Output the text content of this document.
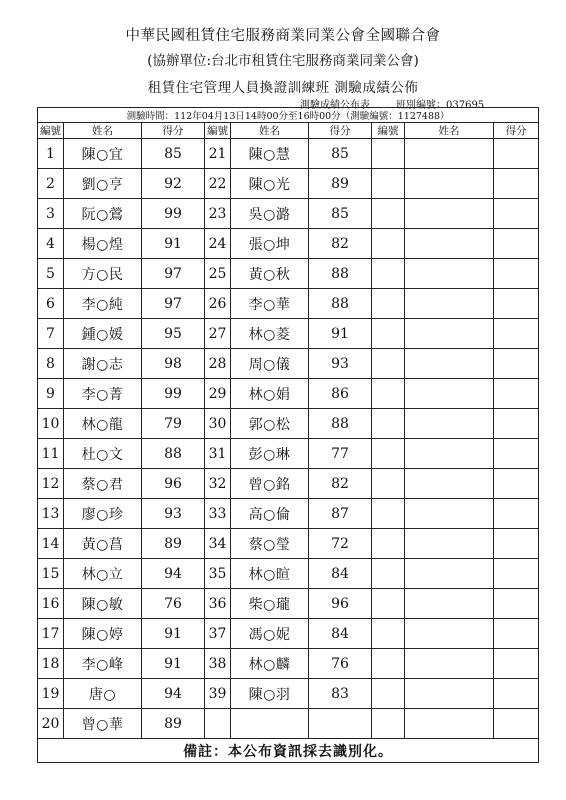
中華民國租賃住宅服務商業同業公會全國聯合會
(協辦單位:台北市租賃住宅服務商業同業公會)
租賃住宅管理人員換證訓練班 測驗成績公佈
測驗成績公布表	班別編號：037695
測驗時間：112年04月13日14時00分至16時00分（測驗編號：1127488）								
編號	姓名	得分	編號	姓名	得分	編號	姓名	得分
1	陳○宜	85	21	陳○慧	85			
2	劉○亨	92	22	陳○光	89			
3	阮○鶯	99	23	吳○潞	85			
4	楊○煌	91	24	張○坤	82			
5	方○民	97	25	黃○秋	88			
6	李○純	97	26	李○華	88			
7	鍾○媛	95	27	林○菱	91			
8	謝○志	98	28	周○儀	93			
9	李○菁	99	29	林○娟	86			
10	林○龍	79	30	郭○松	88			
11	杜○文	88	31	彭○琳	77			
12	蔡○君	96	32	曾○銘	82			
13	廖○珍	93	33	高○倫	87			
14	黃○菖	89	34	蔡○瑩	72			
15	林○立	94	35	林○暄	84			
16	陳○敏	76	36	柴○瓏	96			
17	陳○婷	91	37	馮○妮	84			
18	李○峰	91	38	林○麟	76			
19	唐○	94	39	陳○羽	83			
20	曾○華	89						
備註：本公布資訊採去識別化。								
